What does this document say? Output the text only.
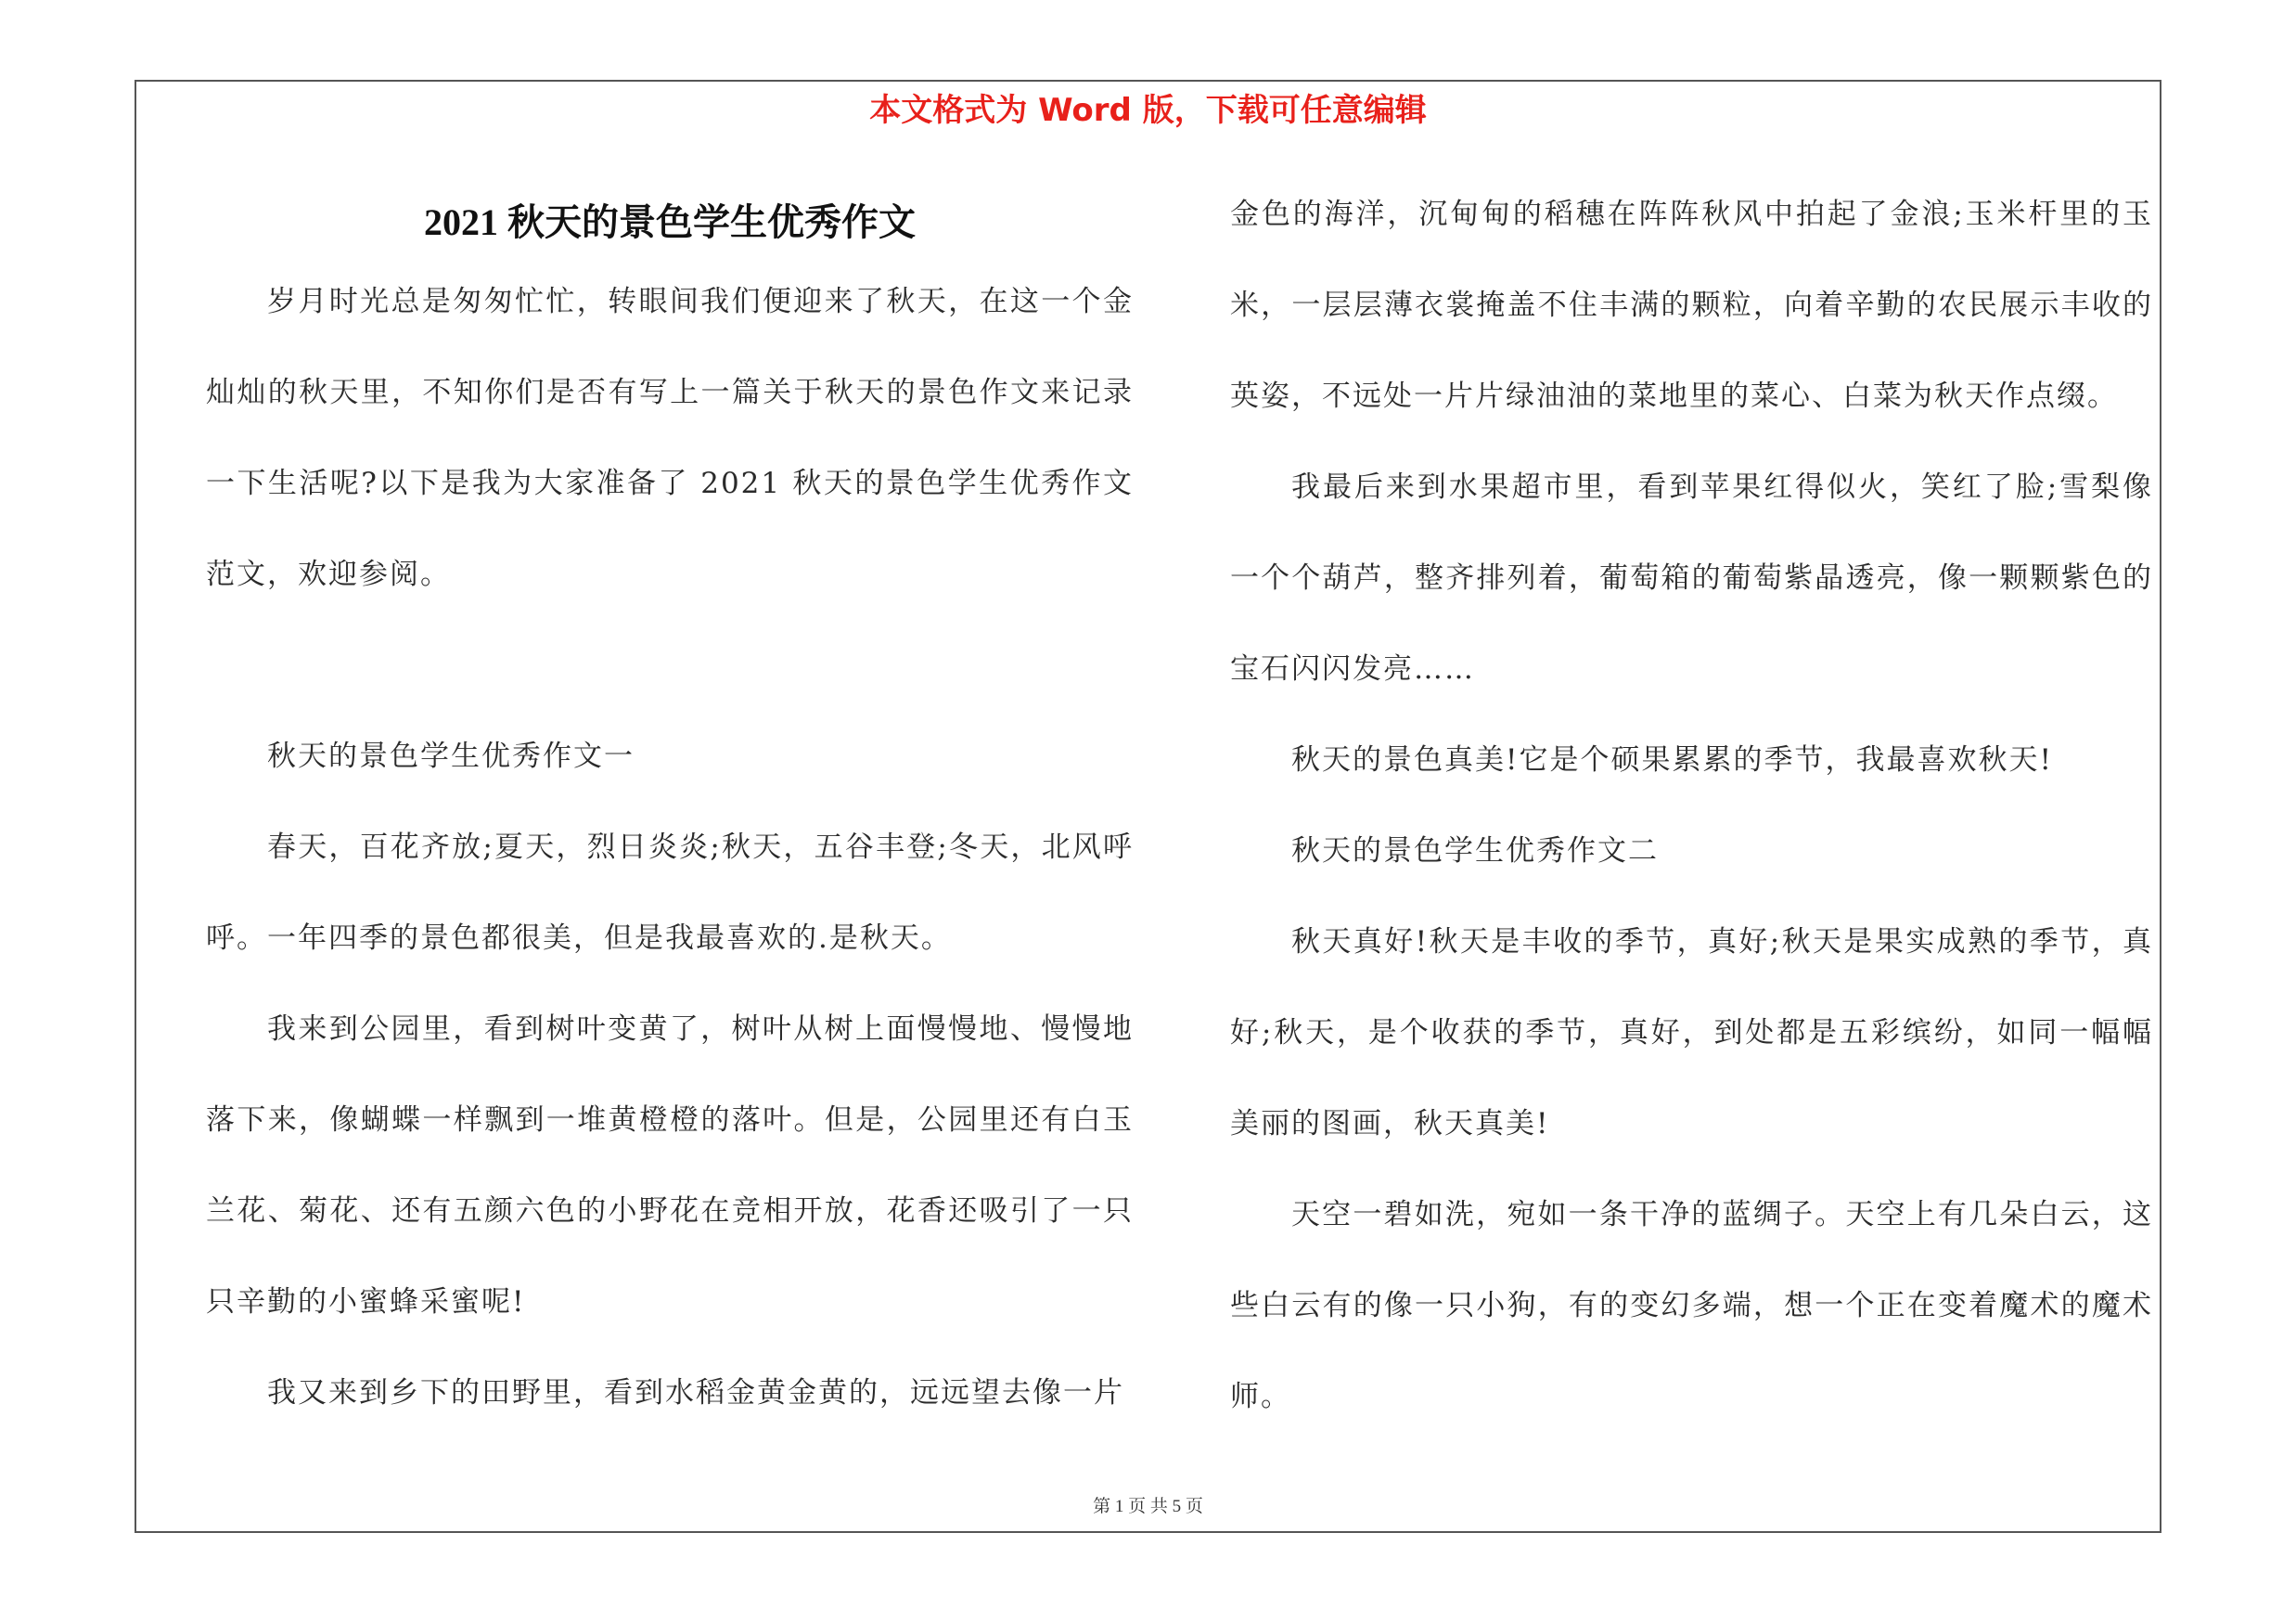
本文格式为 Word 版，下载可任意编辑
2021 秋天的景色学生优秀作文

岁月时光总是匆匆忙忙，转眼间我们便迎来了秋天，在这一个金灿灿的秋天里，不知你们是否有写上一篇关于秋天的景色作文来记录一下生活呢?以下是我为大家准备了 2021 秋天的景色学生优秀作文范文，欢迎参阅。

秋天的景色学生优秀作文一

春天，百花齐放;夏天，烈日炎炎;秋天，五谷丰登;冬天，北风呼呼。一年四季的景色都很美，但是我最喜欢的.是秋天。

我来到公园里，看到树叶变黄了，树叶从树上面慢慢地、慢慢地落下来，像蝴蝶一样飘到一堆黄橙橙的落叶。但是，公园里还有白玉兰花、菊花、还有五颜六色的小野花在竞相开放，花香还吸引了一只只辛勤的小蜜蜂采蜜呢!

我又来到乡下的田野里，看到水稻金黄金黄的，远远望去像一片

金色的海洋，沉甸甸的稻穗在阵阵秋风中拍起了金浪;玉米杆里的玉米，一层层薄衣裳掩盖不住丰满的颗粒，向着辛勤的农民展示丰收的英姿，不远处一片片绿油油的菜地里的菜心、白菜为秋天作点缀。

我最后来到水果超市里，看到苹果红得似火，笑红了脸;雪梨像一个个葫芦，整齐排列着，葡萄箱的葡萄紫晶透亮，像一颗颗紫色的宝石闪闪发亮……

秋天的景色真美!它是个硕果累累的季节，我最喜欢秋天!

秋天的景色学生优秀作文二

秋天真好!秋天是丰收的季节，真好;秋天是果实成熟的季节，真好;秋天，是个收获的季节，真好，到处都是五彩缤纷，如同一幅幅美丽的图画，秋天真美!

天空一碧如洗，宛如一条干净的蓝绸子。天空上有几朵白云，这些白云有的像一只小狗，有的变幻多端，想一个正在变着魔术的魔术师。

第 1 页 共 5 页
